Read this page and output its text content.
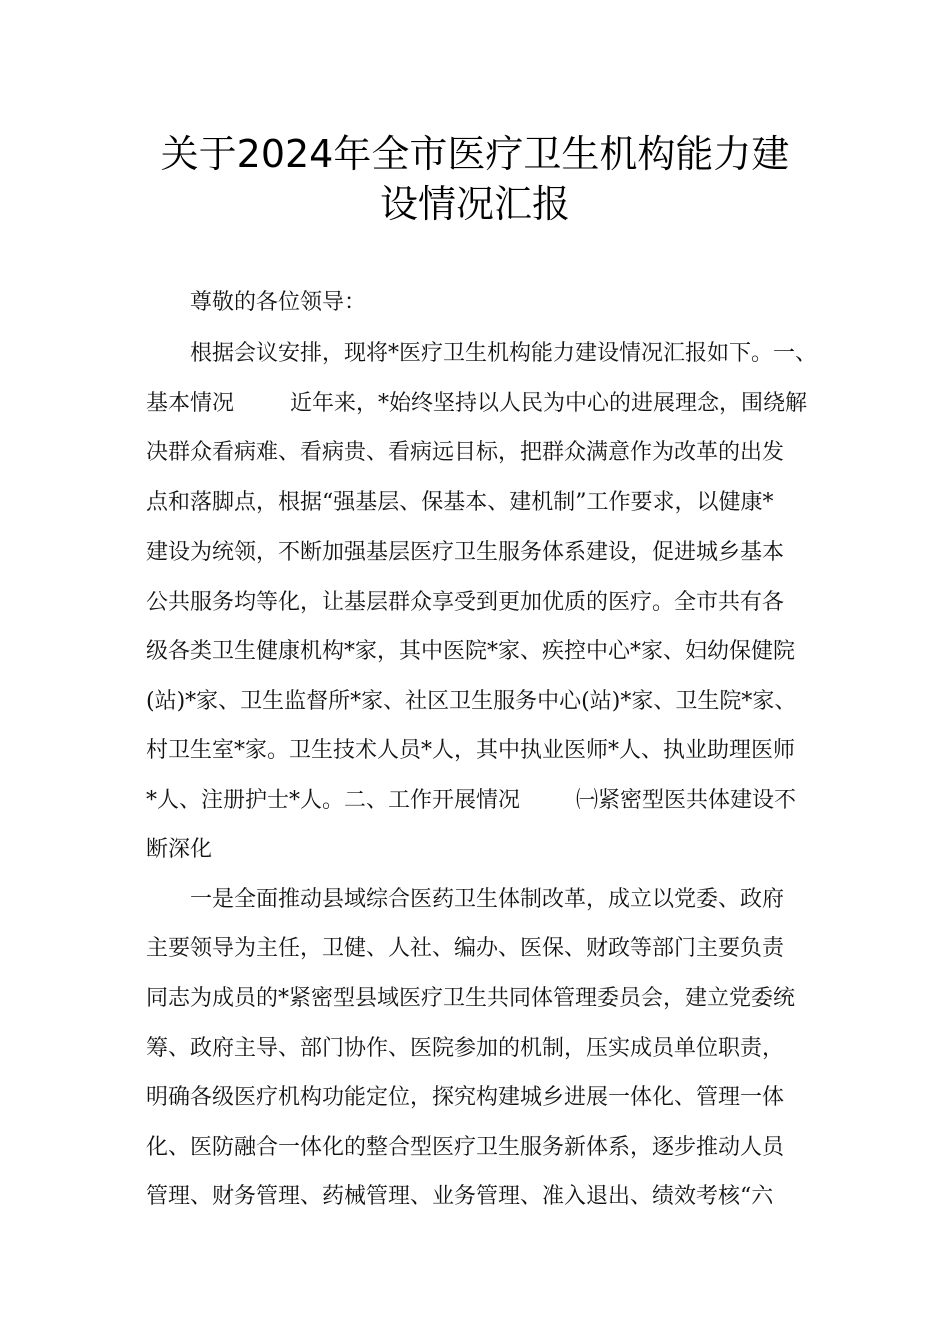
关于2024年全市医疗卫生机构能力建
设情况汇报
尊敬的各位领导：
根据会议安排，现将*医疗卫生机构能力建设情况汇报如下。一、
基本情况        近年来，*始终坚持以人民为中心的进展理念，围绕解
决群众看病难、看病贵、看病远目标，把群众满意作为改革的出发
点和落脚点，根据“强基层、保基本、建机制”工作要求，以健康*
建设为统领，不断加强基层医疗卫生服务体系建设，促进城乡基本
公共服务均等化，让基层群众享受到更加优质的医疗。全市共有各
级各类卫生健康机构*家，其中医院*家、疾控中心*家、妇幼保健院
(站)*家、卫生监督所*家、社区卫生服务中心(站)*家、卫生院*家、
村卫生室*家。卫生技术人员*人，其中执业医师*人、执业助理医师
*人、注册护士*人。二、工作开展情况        ㈠紧密型医共体建设不
断深化
一是全面推动县域综合医药卫生体制改革，成立以党委、政府
主要领导为主任，卫健、人社、编办、医保、财政等部门主要负责
同志为成员的*紧密型县域医疗卫生共同体管理委员会，建立党委统
筹、政府主导、部门协作、医院参加的机制，压实成员单位职责，
明确各级医疗机构功能定位，探究构建城乡进展一体化、管理一体
化、医防融合一体化的整合型医疗卫生服务新体系，逐步推动人员
管理、财务管理、药械管理、业务管理、准入退出、绩效考核“六
